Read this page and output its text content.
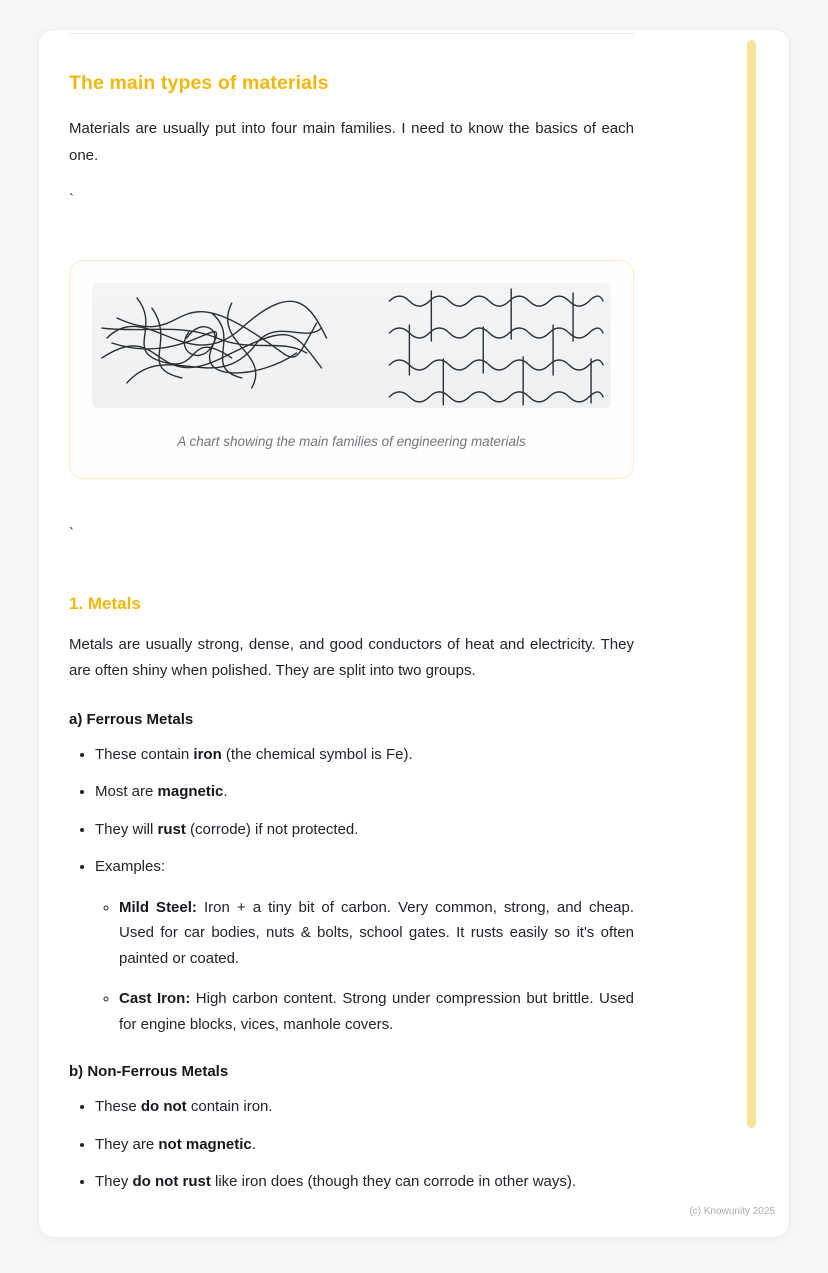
The main types of materials

Materials are usually put into four main families. I need to know the basics of each one.

`

A chart showing the main families of engineering materials

`

1. Metals

Metals are usually strong, dense, and good conductors of heat and electricity. They are often shiny when polished. They are split into two groups.

a) Ferrous Metals

• These contain iron (the chemical symbol is Fe).
• Most are magnetic.
• They will rust (corrode) if not protected.
• Examples:
◦ Mild Steel: Iron + a tiny bit of carbon. Very common, strong, and cheap. Used for car bodies, nuts & bolts, school gates. It rusts easily so it's often painted or coated.
◦ Cast Iron: High carbon content. Strong under compression but brittle. Used for engine blocks, vices, manhole covers.

b) Non-Ferrous Metals

• These do not contain iron.
• They are not magnetic.
• They do not rust like iron does (though they can corrode in other ways).
(c) Knowunity 2025
